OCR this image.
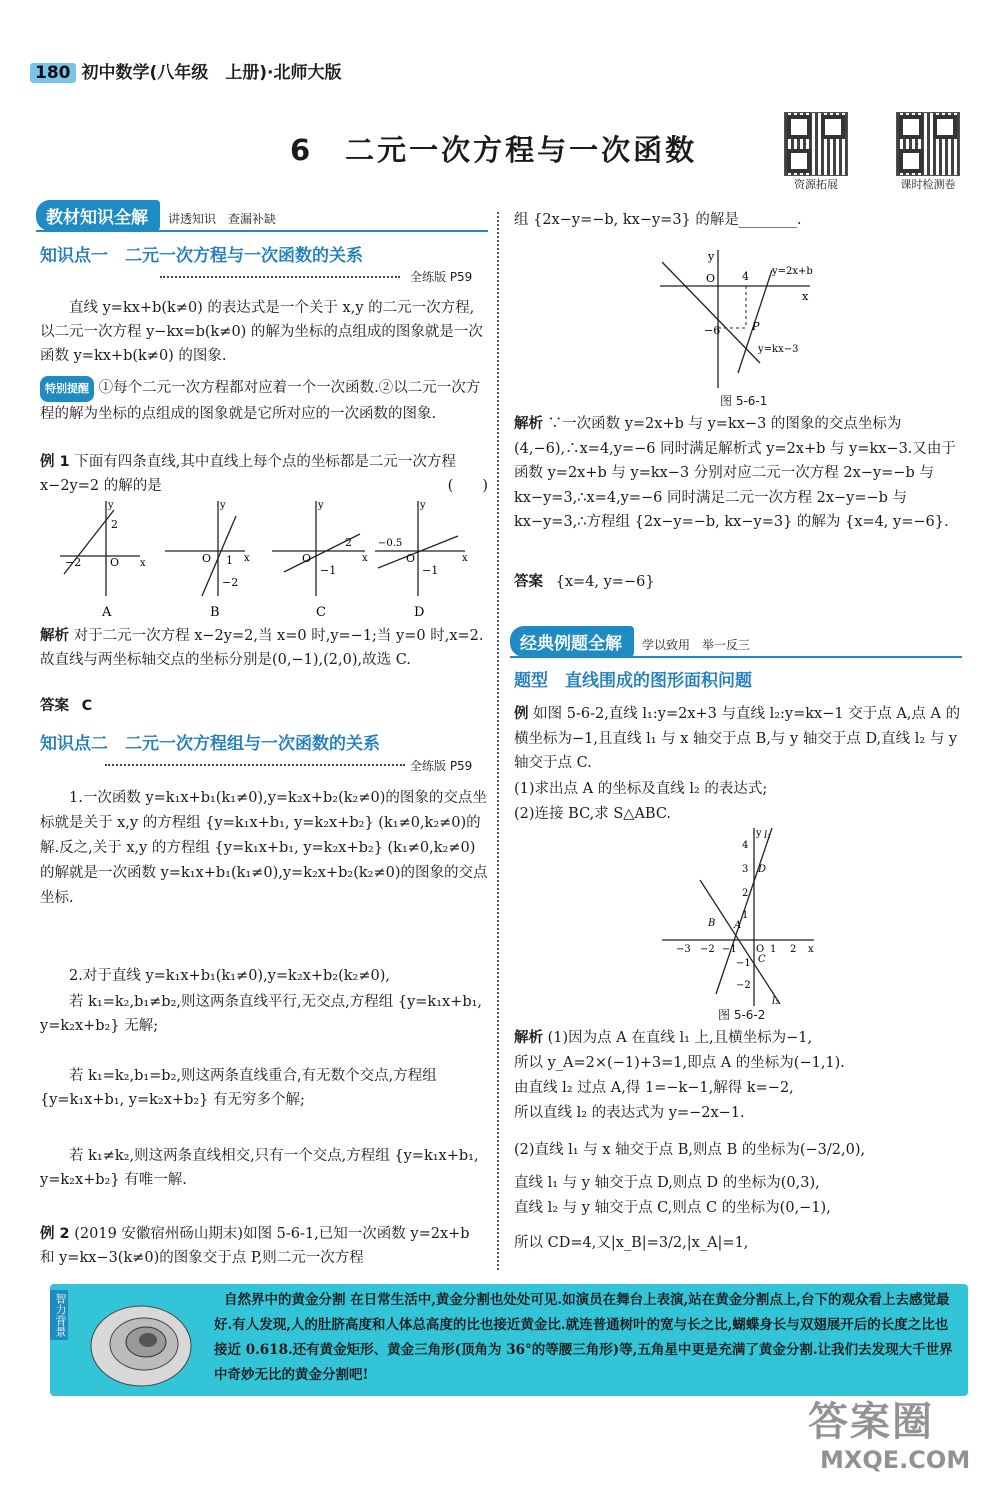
180 初中数学(八年级　上册)·北师大版
6　二元一次方程与一次函数
资源拓展	课时检测卷
教材知识全解 讲透知识　查漏补缺
知识点一　二元一次方程与一次函数的关系
全练版 P59
直线 y=kx+b(k≠0) 的表达式是一个关于 x,y 的二元一次方程,以二元一次方程 y−kx=b(k≠0) 的解为坐标的点组成的图象就是一次函数 y=kx+b(k≠0) 的图象.
特别提醒 ①每个二元一次方程都对应着一个一次函数.②以二元一次方程的解为坐标的点组成的图象就是它所对应的一次函数的图象.
例 1 下面有四条直线,其中直线上每个点的坐标都是二元一次方程 x−2y=2 的解的是	(　　)
y
x
2
O
−2
A
y
x
O 1
−2
B
y
x
O
2
−1
C
y
x
−0.5
O
−1
D
解析 对于二元一次方程 x−2y=2,当 x=0 时,y=−1;当 y=0 时,x=2.故直线与两坐标轴交点的坐标分别是(0,−1),(2,0),故选 C.
答案 C
知识点二　二元一次方程组与一次函数的关系
全练版 P59
1.一次函数 y=k₁x+b₁(k₁≠0),y=k₂x+b₂(k₂≠0)的图象的交点坐标就是关于 x,y 的方程组 {y=k₁x+b₁, y=k₂x+b₂} (k₁≠0,k₂≠0)的解.反之,关于 x,y 的方程组 {y=k₁x+b₁, y=k₂x+b₂} (k₁≠0,k₂≠0)的解就是一次函数 y=k₁x+b₁(k₁≠0),y=k₂x+b₂(k₂≠0)的图象的交点坐标.
2.对于直线 y=k₁x+b₁(k₁≠0),y=k₂x+b₂(k₂≠0),
若 k₁=k₂,b₁≠b₂,则这两条直线平行,无交点,方程组 {y=k₁x+b₁, y=k₂x+b₂} 无解;
若 k₁=k₂,b₁=b₂,则这两条直线重合,有无数个交点,方程组 {y=k₁x+b₁, y=k₂x+b₂} 有无穷多个解;
若 k₁≠k₂,则这两条直线相交,只有一个交点,方程组 {y=k₁x+b₁, y=k₂x+b₂} 有唯一解.
例 2 (2019 安徽宿州砀山期末)如图 5-6-1,已知一次函数 y=2x+b 和 y=kx−3(k≠0)的图象交于点 P,则二元一次方程
组 {2x−y=−b, kx−y=3} 的解是________.
y
x
O 4
−6	P
y=2x+b
y=kx−3
图 5-6-1
解析 ∵一次函数 y=2x+b 与 y=kx−3 的图象的交点坐标为(4,−6),∴x=4,y=−6 同时满足解析式 y=2x+b 与 y=kx−3.又由于函数 y=2x+b 与 y=kx−3 分别对应二元一次方程 2x−y=−b 与 kx−y=3,∴x=4,y=−6 同时满足二元一次方程 2x−y=−b 与 kx−y=3,∴方程组 {2x−y=−b, kx−y=3} 的解为 {x=4, y=−6}.
答案 {x=4, y=−6}
经典例题全解 学以致用　举一反三
题型　直线围成的图形面积问题
例 如图 5-6-2,直线 l₁:y=2x+3 与直线 l₂:y=kx−1 交于点 A,点 A 的横坐标为−1,且直线 l₁ 与 x 轴交于点 B,与 y 轴交于点 D,直线 l₂ 与 y 轴交于点 C.
(1)求出点 A 的坐标及直线 l₂ 的表达式;
(2)连接 BC,求 S△ABC.
y
x
4
3
2
1
D
B A
C
−3 −2 −1 O 1 2
−1
−2
l₁
l₂
图 5-6-2
解析 (1)因为点 A 在直线 l₁ 上,且横坐标为−1,
所以 y_A=2×(−1)+3=1,即点 A 的坐标为(−1,1).
由直线 l₂ 过点 A,得 1=−k−1,解得 k=−2,
所以直线 l₂ 的表达式为 y=−2x−1.
(2)直线 l₁ 与 x 轴交于点 B,则点 B 的坐标为(−3/2,0),
直线 l₁ 与 y 轴交于点 D,则点 D 的坐标为(0,3),
直线 l₂ 与 y 轴交于点 C,则点 C 的坐标为(0,−1),
所以 CD=4,又|x_B|=3/2,|x_A|=1,
智力背景	自然界中的黄金分割 在日常生活中,黄金分割也处处可见.如演员在舞台上表演,站在黄金分割点上,台下的观众看上去感觉最好.有人发现,人的肚脐高度和人体总高度的比也接近黄金比.就连普通树叶的宽与长之比,蝴蝶身长与双翅展开后的长度之比也接近 0.618.还有黄金矩形、黄金三角形(顶角为 36°的等腰三角形)等,五角星中更是充满了黄金分割.让我们去发现大千世界中奇妙无比的黄金分割吧!
答案圈
MXQE.COM
